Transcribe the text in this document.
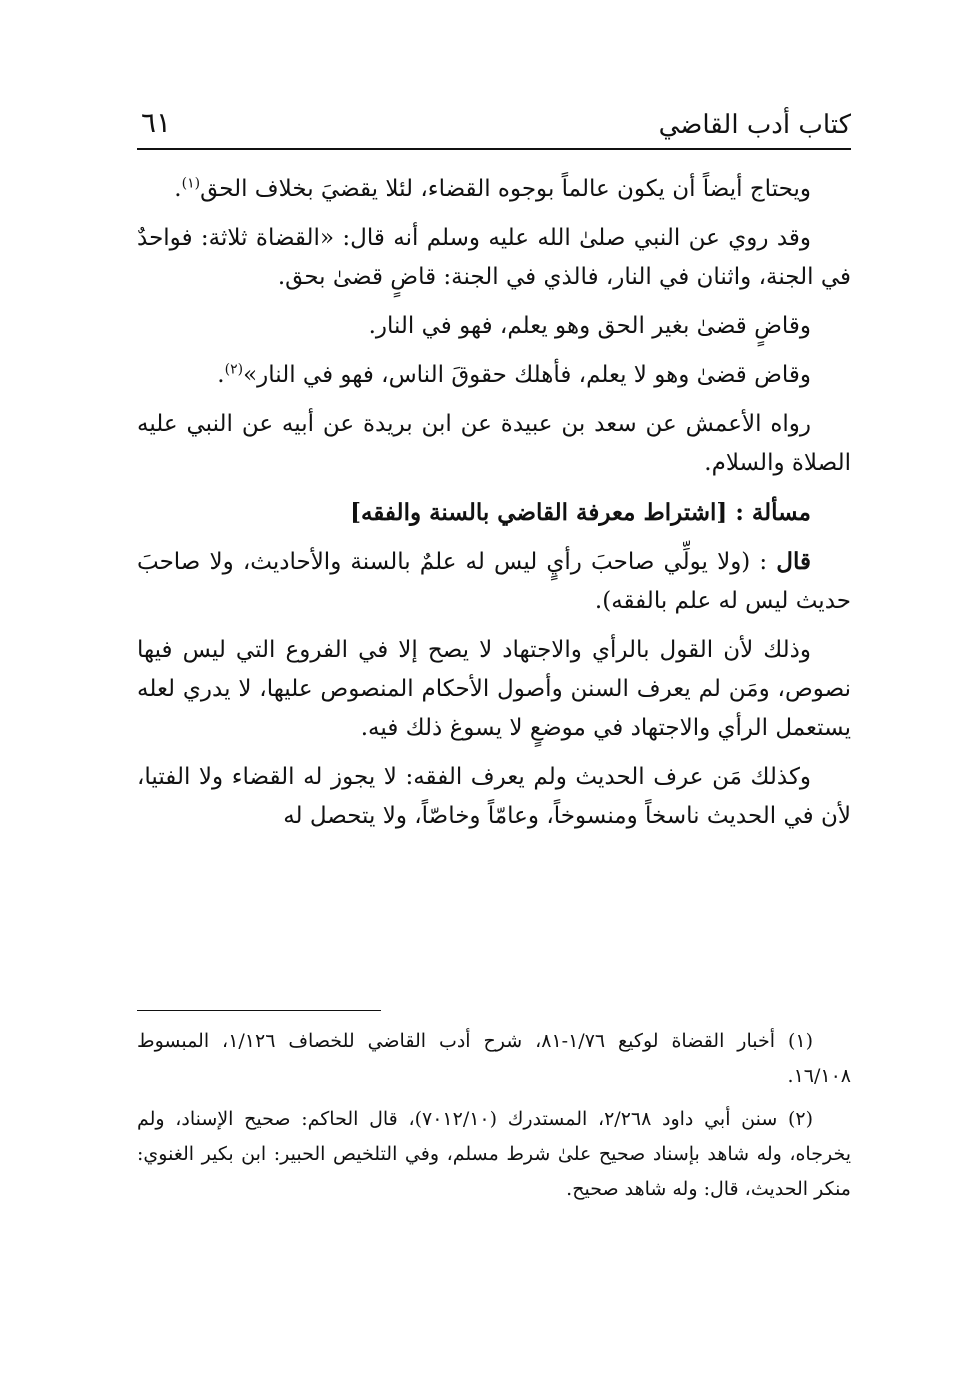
كتاب أدب القاضي
٦١

ويحتاج أيضاً أن يكون عالماً بوجوه القضاء، لئلا يقضيَ بخلاف الحق$^{(١)}$.

وقد روي عن النبي صلىٰ الله عليه وسلم أنه قال: «القضاة ثلاثة: فواحدٌ في الجنة، واثنان في النار، فالذي في الجنة: قاضٍ قضىٰ بحق.

وقاضٍ قضىٰ بغير الحق وهو يعلم، فهو في النار.

وقاض قضىٰ وهو لا يعلم، فأهلك حقوقَ الناس، فهو في النار»$^{(٢)}$.

رواه الأعمش عن سعد بن عبيدة عن ابن بريدة عن أبيه عن النبي عليه الصلاة والسلام.

مسألة : [اشتراط معرفة القاضي بالسنة والفقه]

قال : (ولا يولِّي صاحبَ رأيٍ ليس له علمٌ بالسنة والأحاديث، ولا صاحبَ حديث ليس له علم بالفقه).

وذلك لأن القول بالرأي والاجتهاد لا يصح إلا في الفروع التي ليس فيها نصوص، ومَن لم يعرف السنن وأصول الأحكام المنصوص عليها، لا يدري لعله يستعمل الرأي والاجتهاد في موضعٍ لا يسوغ ذلك فيه.

وكذلك مَن عرف الحديث ولم يعرف الفقه: لا يجوز له القضاء ولا الفتيا، لأن في الحديث ناسخاً ومنسوخاً، وعامّاً وخاصّاً، ولا يتحصل له

(١) أخبار القضاة لوكيع ١/٧٦-٨١، شرح أدب القاضي للخصاف ١/١٢٦، المبسوط ١٦/١٠٨.

(٢) سنن أبي داود ٢/٢٦٨، المستدرك (٧٠١٢/١٠)، قال الحاكم: صحيح الإسناد، ولم يخرجاه، وله شاهد بإسناد صحيح علىٰ شرط مسلم، وفي التلخيص الحبير: ابن بكير الغنوي: منكر الحديث، قال: وله شاهد صحيح.
